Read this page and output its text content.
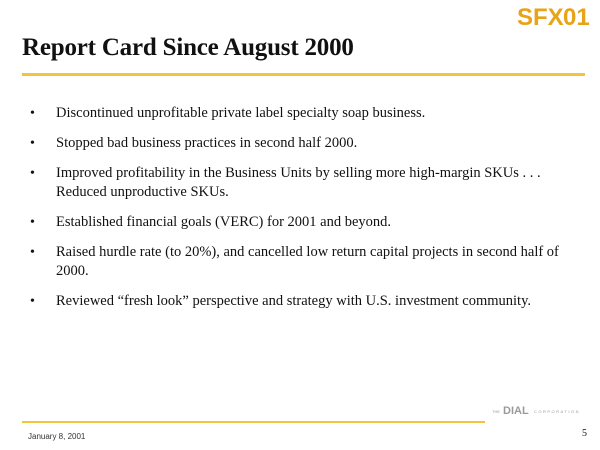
SFX 01
Report Card Since August 2000
• Discontinued unprofitable private label specialty soap business.
• Stopped bad business practices in second half 2000.
• Improved profitability in the Business Units by selling more high-margin SKUs . . . Reduced unproductive SKUs.
• Established financial goals (VERC) for 2001 and beyond.
• Raised hurdle rate (to 20%), and cancelled low return capital projects in second half of 2000.
• Reviewed “fresh look” perspective and strategy with U.S. investment community.
THE DIAL CORPORATION
January 8, 2001	5
